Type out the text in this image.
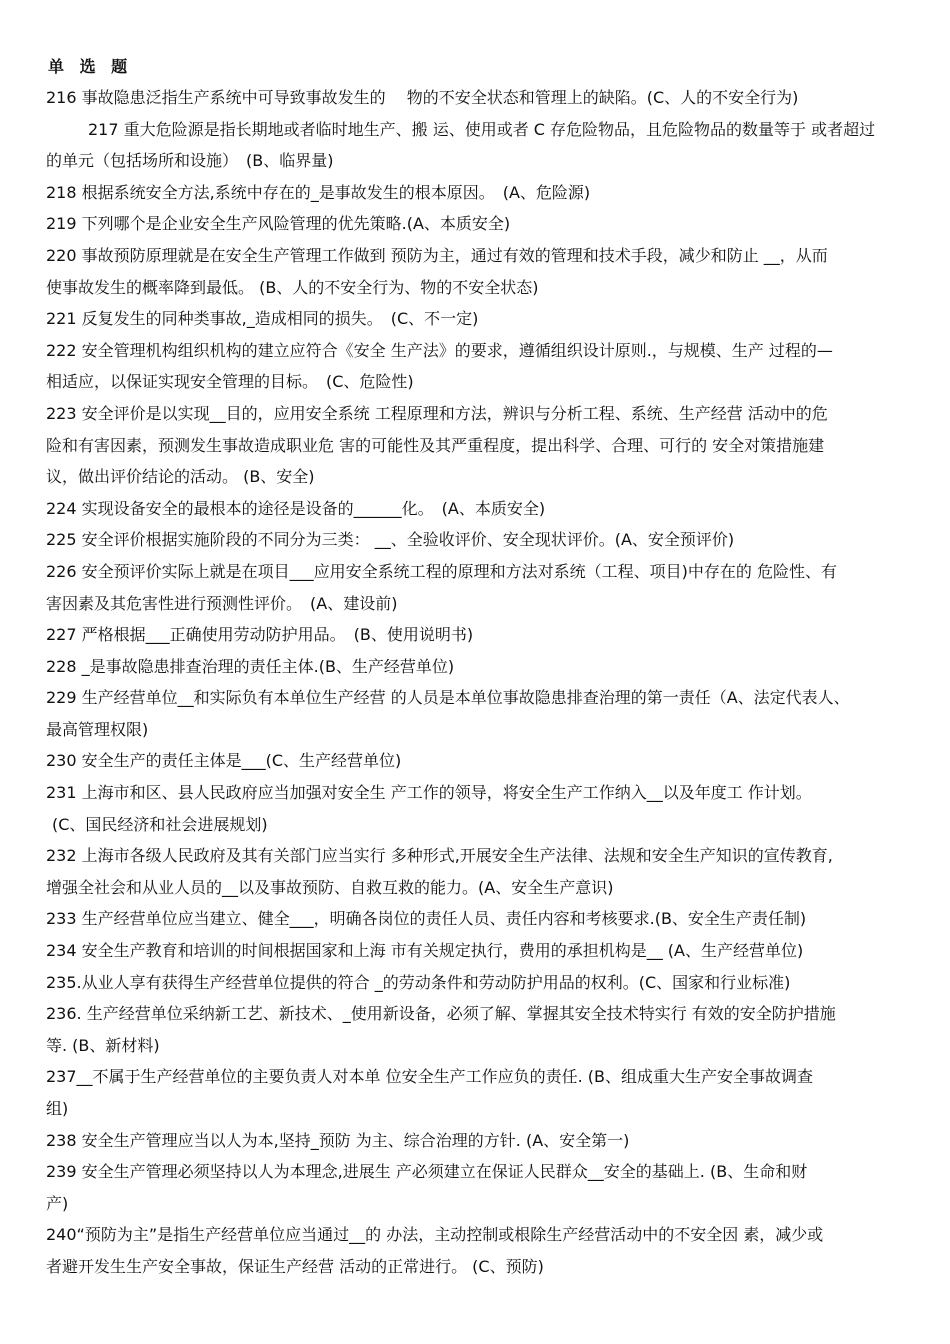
单 选 题
216 事故隐患泛指生产系统中可导致事故发生的　 物的不安全状态和管理上的缺陷。(C、人的不安全行为)
217 重大危险源是指长期地或者临时地生产、搬 运、使用或者 C 存危险物品，且危险物品的数量等于 或者超过
的单元（包括场所和设施）　(B、临界量)
218 根据系统安全方法,系统中存在的_是事故发生的根本原因。　(A、危险源)
219 下列哪个是企业安全生产风险管理的优先策略.(A、本质安全)
220 事故预防原理就是在安全生产管理工作做到 预防为主，通过有效的管理和技术手段，减少和防止 __，从而
使事故发生的概率降到最低。 (B、人的不安全行为、物的不安全状态)
221 反复发生的同种类事故,_造成相同的损失。　(C、不一定)
222 安全管理机构组织机构的建立应符合《安全 生产法》的要求，遵循组织设计原则.，与规模、生产 过程的—
相适应，以保证实现安全管理的目标。　(C、危险性)
223 安全评价是以实现__目的，应用安全系统 工程原理和方法，辨识与分析工程、系统、生产经营 活动中的危
险和有害因素，预测发生事故造成职业危 害的可能性及其严重程度，提出科学、合理、可行的 安全对策措施建
议，做出评价结论的活动。 (B、安全)
224 实现设备安全的最根本的途径是设备的______化。　(A、本质安全)
225 安全评价根据实施阶段的不同分为三类： __、全验收评价、安全现状评价。(A、安全预评价)
226 安全预评价实际上就是在项目___应用安全系统工程的原理和方法对系统（工程、项目)中存在的 危险性、有
害因素及其危害性进行预测性评价。　(A、建设前)
227 严格根据___正确使用劳动防护用品。　(B、使用说明书)
228 _是事故隐患排查治理的责任主体.(B、生产经营单位)
229 生产经营单位__和实际负有本单位生产经营 的人员是本单位事故隐患排查治理的第一责任（A、法定代表人、
最高管理权限)
230 安全生产的责任主体是___(C、生产经营单位)
231 上海市和区、县人民政府应当加强对安全生 产工作的领导，将安全生产工作纳入__以及年度工 作计划。
(C、国民经济和社会进展规划)
232 上海市各级人民政府及其有关部门应当实行 多种形式,开展安全生产法律、法规和安全生产知识的宣传教育,
增强全社会和从业人员的__以及事故预防、自救互救的能力。(A、安全生产意识)
233 生产经营单位应当建立、健全___，明确各岗位的责任人员、责任内容和考核要求.(B、安全生产责任制)
234 安全生产教育和培训的时间根据国家和上海 市有关规定执行，费用的承担机构是__ (A、生产经营单位)
235.从业人享有获得生产经营单位提供的符合 _的劳动条件和劳动防护用品的权利。(C、国家和行业标准)
236. 生产经营单位采纳新工艺、新技术、_使用新设备，必须了解、掌握其安全技术特实行 有效的安全防护措施
等. (B、新材料)
237__不属于生产经营单位的主要负责人对本单 位安全生产工作应负的责任. (B、组成重大生产安全事故调查
组)
238 安全生产管理应当以人为本,坚持_预防 为主、综合治理的方针. (A、安全第一)
239 安全生产管理必须坚持以人为本理念,进展生 产必须建立在保证人民群众__安全的基础上. (B、生命和财
产)
240“预防为主”是指生产经营单位应当通过__的 办法，主动控制或根除生产经营活动中的不安全因 素，减少或
者避开发生生产安全事故，保证生产经营 活动的正常进行。 (C、预防)
